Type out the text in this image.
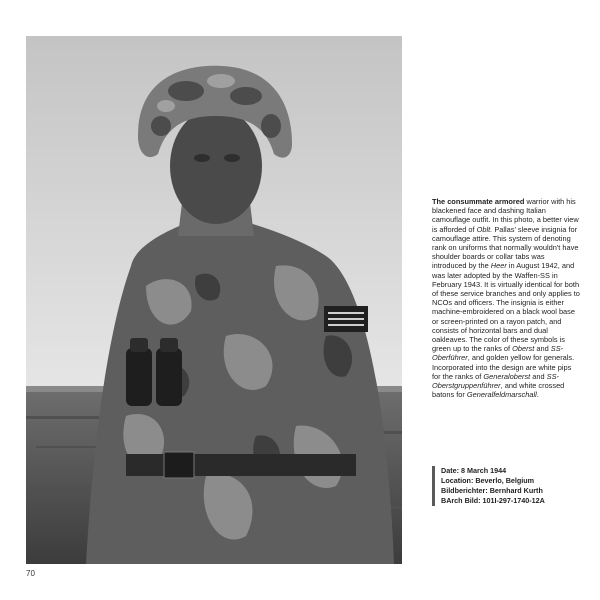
The consummate armored warrior with his blackened face and dashing Italian camouflage outfit. In this photo, a better view is afforded of Oblt. Pallas' sleeve insignia for camouflage attire. This system of denoting rank on uniforms that normally wouldn't have shoulder boards or collar tabs was introduced by the Heer in August 1942, and was later adopted by the Waffen-SS in February 1943. It is virtually identical for both of these service branches and only applies to NCOs and officers. The insignia is either machine-embroidered on a black wool base or screen-printed on a rayon patch, and consists of horizontal bars and dual oakleaves. The color of these symbols is green up to the ranks of Oberst and SS-Oberführer, and golden yellow for generals. Incorporated into the design are white pips for the ranks of Generaloberst and SS-Oberstgruppenführer, and white crossed batons for Generalfeldmarschall.

Date: 8 March 1944
Location: Beverlo, Belgium
Bildberichter: Bernhard Kurth
BArch Bild: 101I-297-1740-12A
70
